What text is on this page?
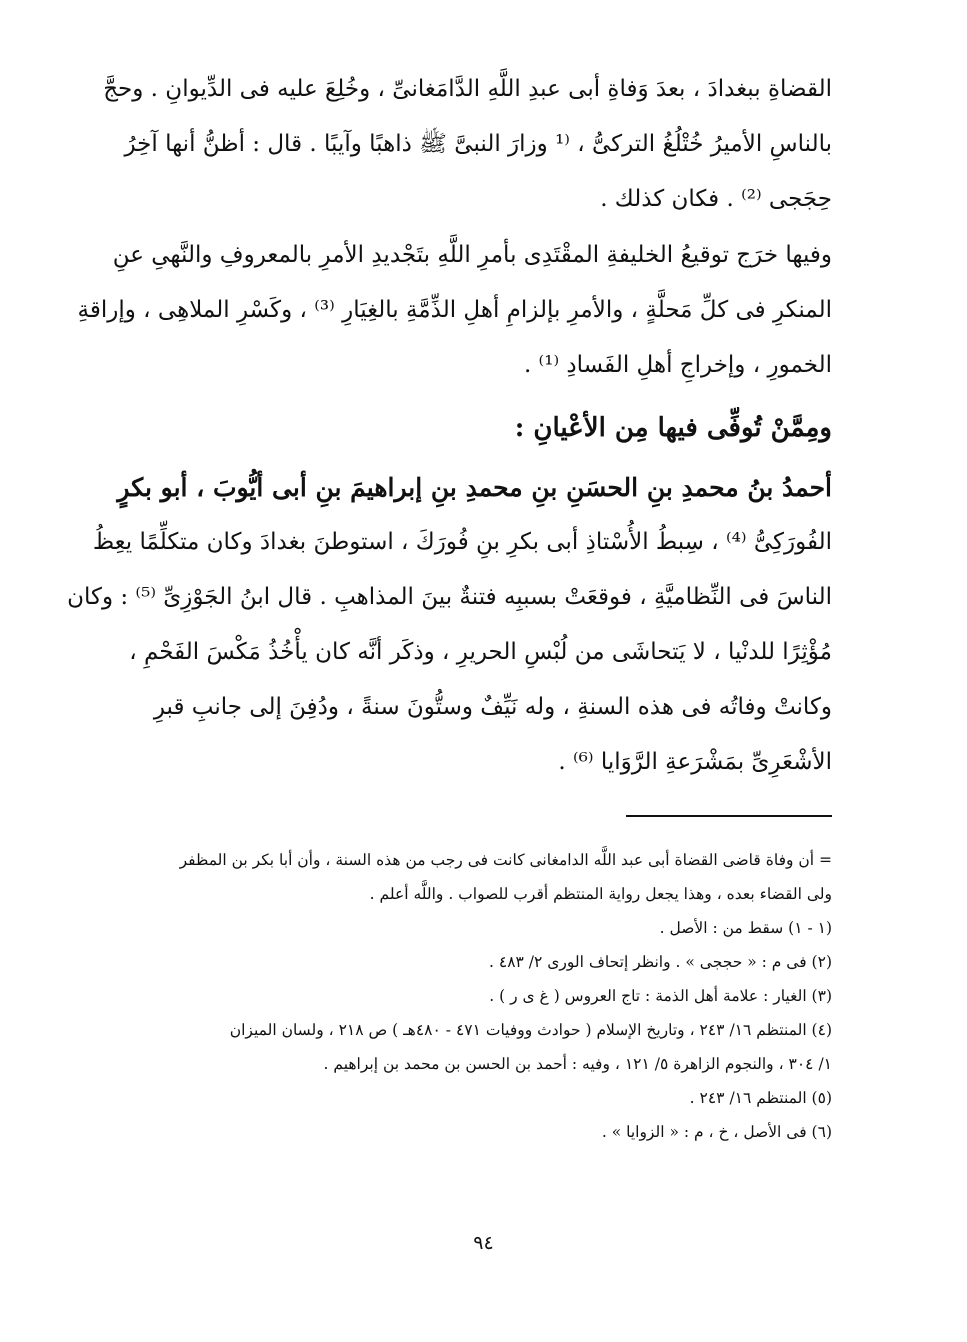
القضاةِ ببغدادَ ، بعدَ وَفاةِ أبى عبدِ اللَّهِ الدَّامَغانىِّ ، وخُلِعَ عليه فى الدِّيوانِ . وحجَّ
بالناسِ الأميرُ خُتْلُغُ التركىُّ ، ⁽¹ وزارَ النبىَّ ﷺ ذاهبًا وآيبًا . قال : أظنُّ أنها آخِرُ
حِجَجى ⁽²⁾ . فكان كذلك .
وفيها خرَج توقيعُ الخليفةِ المقْتَدِى بأمرِ اللَّهِ بتَجْديدِ الأمرِ بالمعروفِ والنَّهىِ عنِ
المنكرِ فى كلِّ مَحلَّةٍ ، والأمرِ بإلزامِ أهلِ الذِّمَّةِ بالغِيَارِ ⁽³⁾ ، وكَسْرِ الملاهِى ، وإراقةِ
الخمورِ ، وإخراجِ أهلِ الفَسادِ ⁽¹⁾ .
ومِمَّنْ تُوفِّى فيها مِن الأعْيانِ :
أحمدُ بنُ محمدِ بنِ الحسَنِ بنِ محمدِ بنِ إبراهيمَ بنِ أبى أيُّوبَ ، أبو بكرٍ
الفُورَكِىُّ ⁽⁴⁾ ، سِبطُ الأُسْتاذِ أبى بكرِ بنِ فُورَكَ ، استوطنَ بغدادَ وكان متكلِّمًا يعِظُ
الناسَ فى النِّظاميَّةِ ، فوقعَتْ بسببِه فتنةٌ بينَ المذاهبِ . قال ابنُ الجَوْزِىِّ ⁽⁵⁾ : وكان
مُؤْثِرًا للدنْيا ، لا يَتحاشَى من لُبْسِ الحريرِ ، وذكَر أنَّه كان يأْخُذُ مَكْسَ الفَحْمِ ،
وكانتْ وفاتُه فى هذه السنةِ ، وله نَيِّفٌ وستُّونَ سنةً ، ودُفِنَ إلى جانبِ قبرِ
الأشْعَرِىِّ بمَشْرَعةِ الرَّوَايا ⁽⁶⁾ .
= أن وفاة قاضى القضاة أبى عبد اللَّه الدامغانى كانت فى رجب من هذه السنة ، وأن أبا بكر بن المظفر
ولى القضاء بعده ، وهذا يجعل رواية المنتظم أقرب للصواب . واللَّه أعلم .
(١ - ١) سقط من : الأصل .
(٢) فى م : « حججى » . وانظر إتحاف الورى ٢/ ٤٨٣ .
(٣) الغيار : علامة أهل الذمة : تاج العروس ( غ ى ر ) .
(٤) المنتظم ١٦/ ٢٤٣ ، وتاريخ الإسلام ( حوادث ووفيات ٤٧١ - ٤٨٠هـ ) ص ٢١٨ ، ولسان الميزان
١/ ٣٠٤ ، والنجوم الزاهرة ٥/ ١٢١ ، وفيه : أحمد بن الحسن بن محمد بن إبراهيم .
(٥) المنتظم ١٦/ ٢٤٣ .
(٦) فى الأصل ، خ ، م : « الزوايا » .
٩٤
